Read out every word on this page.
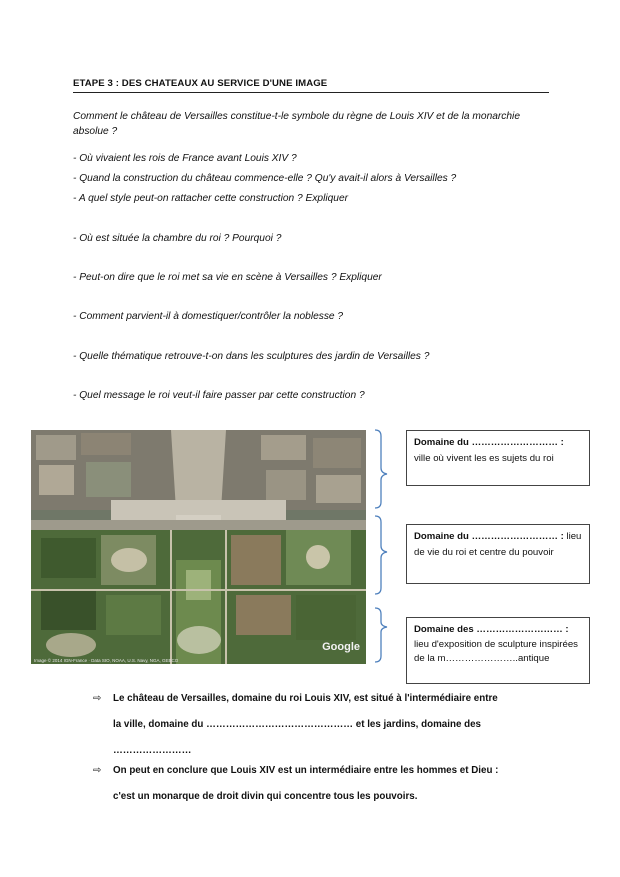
ETAPE 3 : DES CHATEAUX AU SERVICE D'UNE IMAGE
Comment le château de Versailles constitue-t-le symbole du règne de Louis XIV et de la monarchie absolue ?
- Où vivaient les rois de France avant Louis XIV ?
- Quand la construction du château commence-elle ? Qu'y avait-il alors à Versailles ?
- A quel style peut-on rattacher cette construction ? Expliquer
- Où est située la chambre du roi ? Pourquoi ?
- Peut-on dire que le roi met sa vie en scène à Versailles ? Expliquer
- Comment parvient-il à domestiquer/contrôler la noblesse ?
- Quelle thématique retrouve-t-on dans les sculptures des jardin de Versailles ?
- Quel message le roi veut-il faire passer par cette construction ?
Google
Image © 2014 IGN-France · Data SIO, NOAA, U.S. Navy, NGA, GEBCO
Domaine du ……………………… :
ville où vivent les es sujets du roi
Domaine du ……………………… : lieu de vie du roi et centre du pouvoir
Domaine des ……………………… :
lieu d'exposition de sculpture inspirées de la m…………………..antique
⇨ Le château de Versailles, domaine du roi Louis XIV, est situé à l'intermédiaire entre
la ville, domaine du ……………………………………… et les jardins, domaine des
……………………
⇨ On peut en conclure que Louis XIV est un intermédiaire entre les hommes et Dieu :
c'est un monarque de droit divin qui concentre tous les pouvoirs.
